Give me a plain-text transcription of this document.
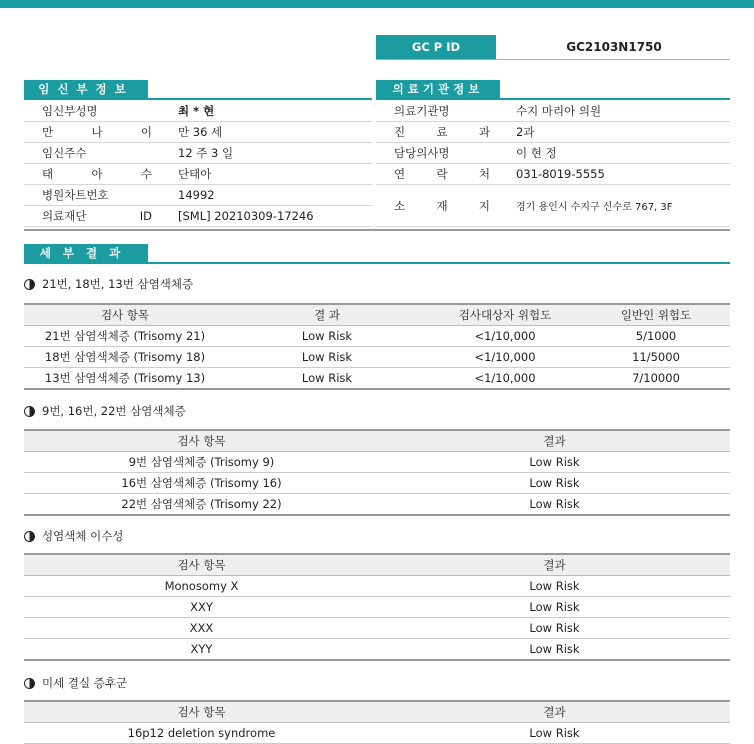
GC P ID	GC2103N1750
임신부정보
임신부성명	최 * 현
만 나 이	만 36 세
임신주수	12 주 3 일
태 아 수	단태아
병원차트번호	14992
의료재단 ID	[SML] 20210309-17246
의료기관정보
의료기관명	수지 마리아 의원
진 료 과	2과
담당의사명	이 현 정
연 락 처	031-8019-5555
소 재 지	경기 용인시 수지구 신수로 767, 3F
세부결과
21번, 18번, 13번 삼염색체증
검사 항목	결 과	검사대상자 위험도	일반인 위험도
21번 삼염색체증 (Trisomy 21)	Low Risk	<1/10,000	5/1000
18번 삼염색체증 (Trisomy 18)	Low Risk	<1/10,000	11/5000
13번 삼염색체증 (Trisomy 13)	Low Risk	<1/10,000	7/10000
9번, 16번, 22번 삼염색체증
검사 항목	결과
9번 삼염색체증 (Trisomy 9)	Low Risk
16번 삼염색체증 (Trisomy 16)	Low Risk
22번 삼염색체증 (Trisomy 22)	Low Risk
성염색체 이수성
검사 항목	결과
Monosomy X	Low Risk
XXY	Low Risk
XXX	Low Risk
XYY	Low Risk
미세 결실 증후군
검사 항목	결과
16p12 deletion syndrome	Low Risk
